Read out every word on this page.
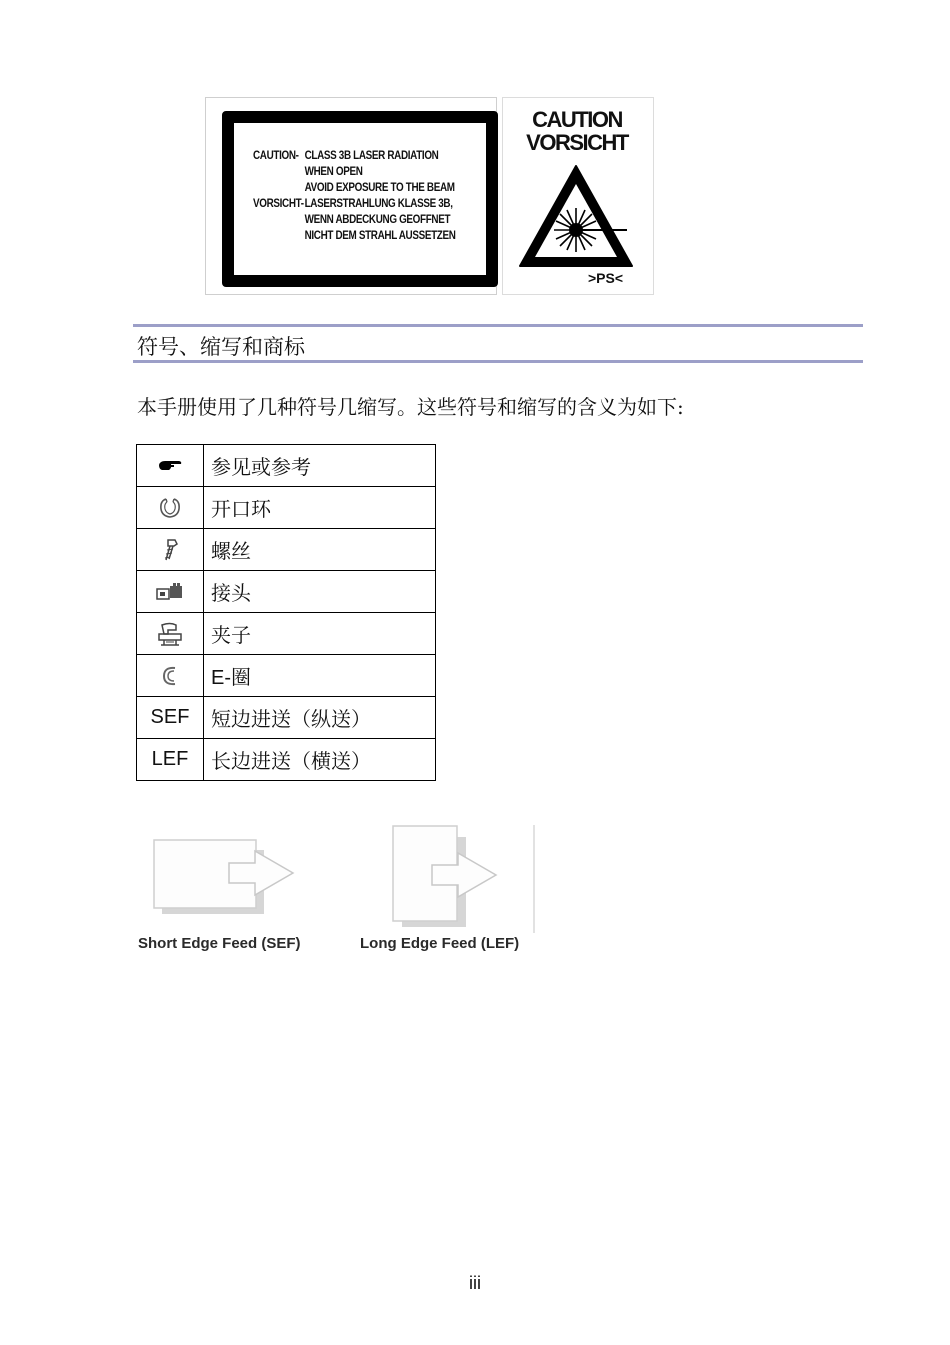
CAUTION- CLASS 3B LASER RADIATION
WHEN OPEN
AVOID EXPOSURE TO THE BEAM
VORSICHT- LASERSTRAHLUNG KLASSE 3B,
WENN ABDECKUNG GEOFFNET
NICHT DEM STRAHL AUSSETZEN
CAUTION
VORSICHT
>PS<
符号、缩写和商标
本手册使用了几种符号几缩写。这些符号和缩写的含义为如下:
	参见或参考
	开口环
	螺丝
	接头
	夹子
	E-圈
SEF	短边进送（纵送）
LEF	长边进送（横送）
Short Edge Feed (SEF)	Long Edge Feed (LEF)
iii
